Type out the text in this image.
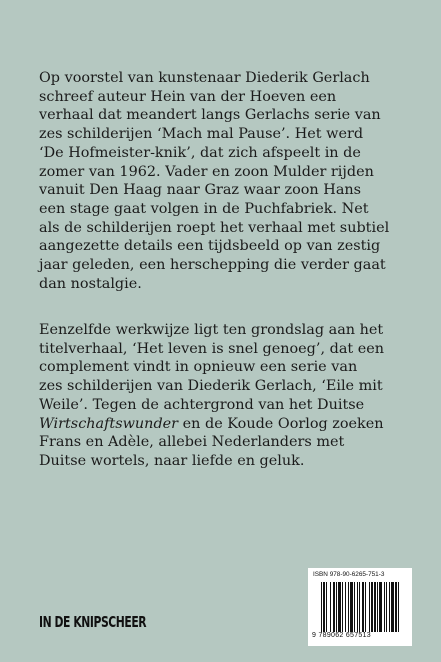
Op voorstel van kunstenaar Diederik Gerlach

schreef auteur Hein van der Hoeven een

verhaal dat meandert langs Gerlachs serie van

zes schilderijen ‘Mach mal Pause’. Het werd

‘De Hofmeister-knik’, dat zich afspeelt in de

zomer van 1962. Vader en zoon Mulder rijden

vanuit Den Haag naar Graz waar zoon Hans

een stage gaat volgen in de Puchfabriek. Net

als de schilderijen roept het verhaal met subtiel

aangezette details een tijdsbeeld op van zestig

jaar geleden, een herschepping die verder gaat

dan nostalgie.

Eenzelfde werkwijze ligt ten grondslag aan het

titelverhaal, ‘Het leven is snel genoeg’, dat een

complement vindt in opnieuw een serie van

zes schilderijen van Diederik Gerlach, ‘Eile mit

Weile’. Tegen de achtergrond van het Duitse

Wirtschaftswunder en de Koude Oorlog zoeken

Frans en Adèle, allebei Nederlanders met

Duitse wortels, naar liefde en geluk.

IN DE KNIPSCHEER
ISBN 978-90-6265-751-3
9 789062 657513
